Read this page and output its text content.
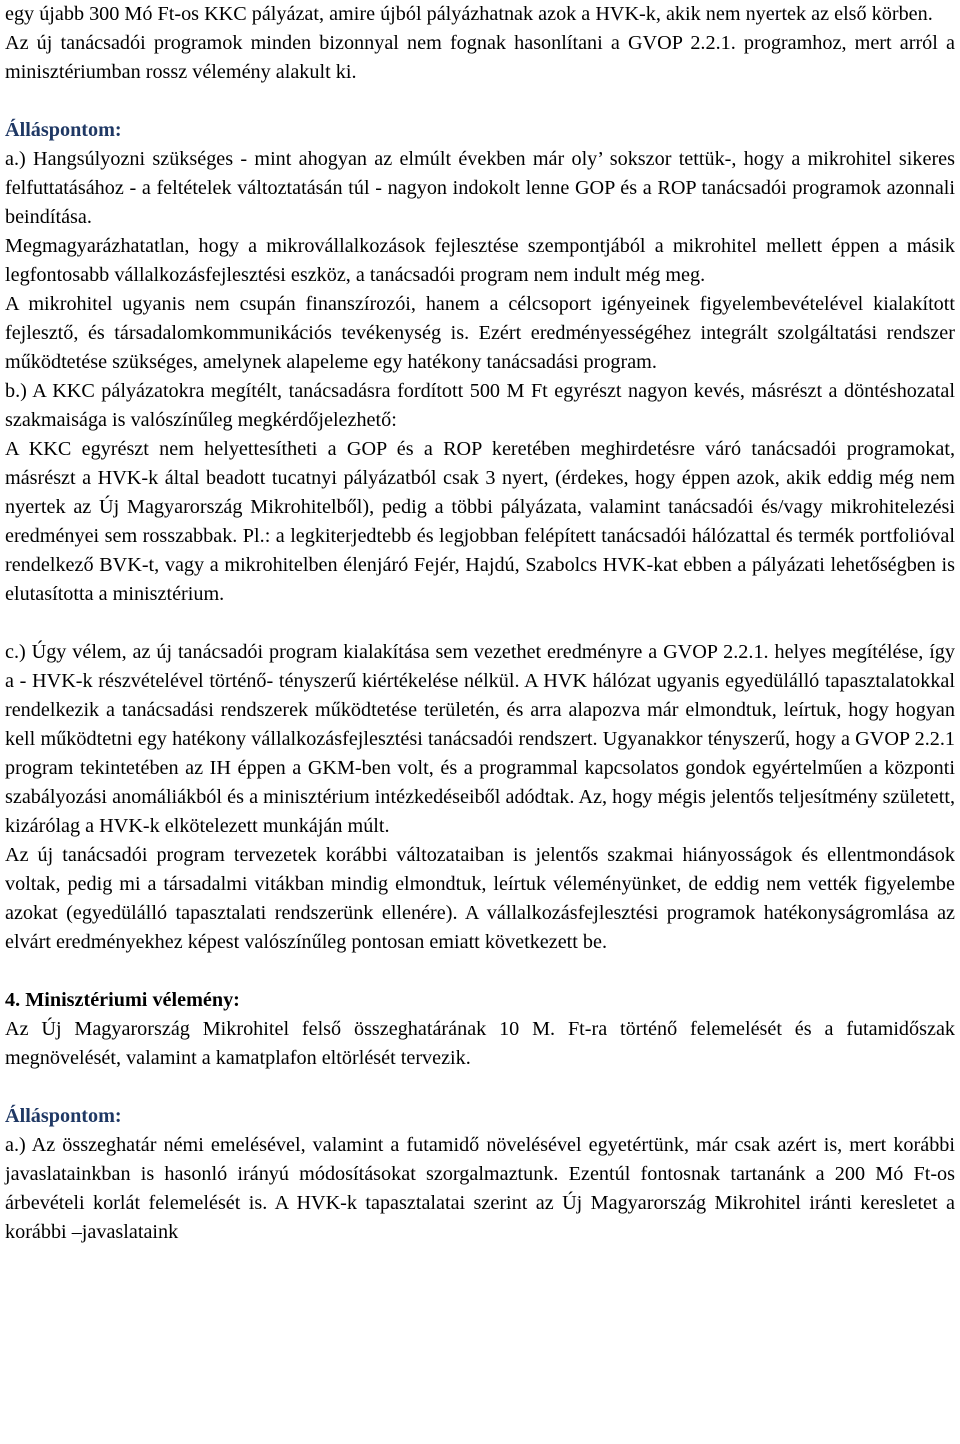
egy újabb 300 Mó Ft-os KKC pályázat, amire újból pályázhatnak azok a HVK-k, akik nem nyertek az első körben.

Az új tanácsadói programok minden bizonnyal nem fognak hasonlítani a GVOP 2.2.1. programhoz, mert arról a minisztériumban rossz vélemény alakult ki.

Álláspontom:

a.) Hangsúlyozni szükséges - mint ahogyan az elmúlt években már oly’ sokszor tettük-, hogy a mikrohitel sikeres felfuttatásához - a feltételek változtatásán túl - nagyon indokolt lenne GOP és a ROP tanácsadói programok azonnali beindítása.

Megmagyarázhatatlan, hogy a mikrovállalkozások fejlesztése szempontjából a mikrohitel mellett éppen a másik legfontosabb vállalkozásfejlesztési eszköz, a tanácsadói program nem indult még meg.

A mikrohitel ugyanis nem csupán finanszírozói, hanem a célcsoport igényeinek figyelembevételével kialakított fejlesztő, és társadalomkommunikációs tevékenység is. Ezért eredményességéhez integrált szolgáltatási rendszer működtetése szükséges, amelynek alapeleme egy hatékony tanácsadási program.

b.) A KKC pályázatokra megítélt, tanácsadásra fordított 500 M Ft egyrészt nagyon kevés, másrészt a döntéshozatal szakmaisága is valószínűleg megkérdőjelezhető:

A KKC egyrészt nem helyettesítheti a GOP és a ROP keretében meghirdetésre váró tanácsadói programokat, másrészt a HVK-k által beadott tucatnyi pályázatból csak 3 nyert, (érdekes, hogy éppen azok, akik eddig még nem nyertek az Új Magyarország Mikrohitelből), pedig a többi pályázata, valamint tanácsadói és/vagy mikrohitelezési eredményei sem rosszabbak. Pl.: a legkiterjedtebb és legjobban felépített tanácsadói hálózattal és termék portfolióval rendelkező BVK-t, vagy a mikrohitelben élenjáró Fejér, Hajdú, Szabolcs HVK-kat ebben a pályázati lehetőségben is elutasította a minisztérium.

c.) Úgy vélem, az új tanácsadói program kialakítása sem vezethet eredményre a GVOP 2.2.1. helyes megítélése, így a - HVK-k részvételével történő- tényszerű kiértékelése nélkül. A HVK hálózat ugyanis egyedülálló tapasztalatokkal rendelkezik a tanácsadási rendszerek működtetése területén, és arra alapozva már elmondtuk, leírtuk, hogy hogyan kell működtetni egy hatékony vállalkozásfejlesztési tanácsadói rendszert. Ugyanakkor tényszerű, hogy a GVOP 2.2.1 program tekintetében az IH éppen a GKM-ben volt, és a programmal kapcsolatos gondok egyértelműen a központi szabályozási anomáliákból és a minisztérium intézkedéseiből adódtak. Az, hogy mégis jelentős teljesítmény született, kizárólag a HVK-k elkötelezett munkáján múlt.

Az új tanácsadói program tervezetek korábbi változataiban is jelentős szakmai hiányosságok és ellentmondások voltak, pedig mi a társadalmi vitákban mindig elmondtuk, leírtuk véleményünket, de eddig nem vették figyelembe azokat (egyedülálló tapasztalati rendszerünk ellenére). A vállalkozásfejlesztési programok hatékonyságromlása az elvárt eredményekhez képest valószínűleg pontosan emiatt következett be.

4. Minisztériumi vélemény:

Az Új Magyarország Mikrohitel felső összeghatárának 10 M. Ft-ra történő felemelését és a futamidőszak megnövelését, valamint a kamatplafon eltörlését tervezik.

Álláspontom:

a.) Az összeghatár némi emelésével, valamint a futamidő növelésével egyetértünk, már csak azért is, mert korábbi javaslatainkban is hasonló irányú módosításokat szorgalmaztunk. Ezentúl fontosnak tartanánk a 200 Mó Ft-os árbevételi korlát felemelését is. A HVK-k tapasztalatai szerint az Új Magyarország Mikrohitel iránti keresletet a korábbi –javaslataink
